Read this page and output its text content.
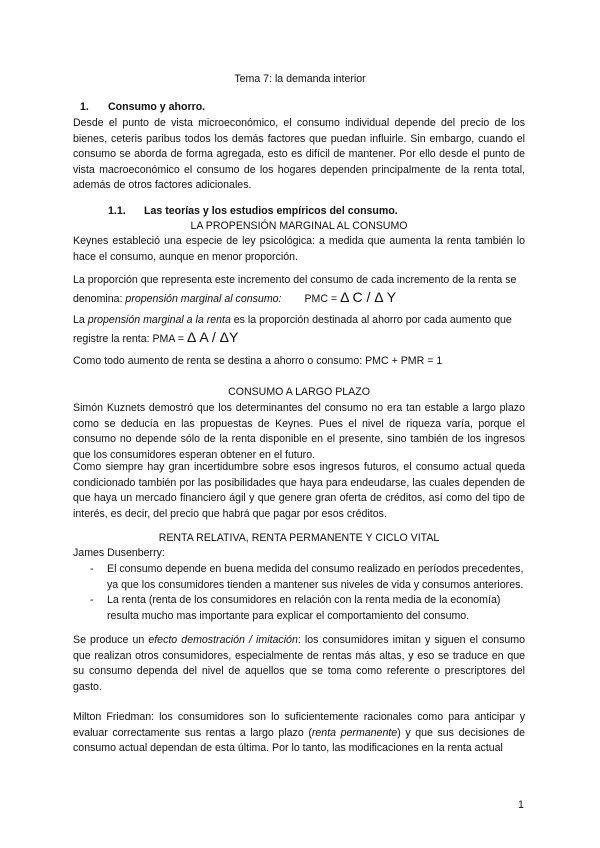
Tema 7: la demanda interior

1. Consumo y ahorro.

Desde el punto de vista microeconómico, el consumo individual depende del precio de los bienes, ceteris paribus todos los demás factores que puedan influirle. Sin embargo, cuando el consumo se aborda de forma agregada, esto es difícil de mantener. Por ello desde el punto de vista macroeconómico el consumo de los hogares dependen principalmente de la renta total, además de otros factores adicionales.

1.1. Las teorías y los estudios empíricos del consumo.

LA PROPENSIÓN MARGINAL AL CONSUMO

Keynes estableció una especie de ley psicológica: a medida que aumenta la renta también lo hace el consumo, aunque en menor proporción.

La proporción que representa este incremento del consumo de cada incremento de la renta se denomina: propensión marginal al consumo: PMC = Δ C / Δ Y

La propensión marginal a la renta es la proporción destinada al ahorro por cada aumento que registre la renta: PMA = Δ A / ΔY

Como todo aumento de renta se destina a ahorro o consumo: PMC + PMR = 1

CONSUMO A LARGO PLAZO

Simón Kuznets demostró que los determinantes del consumo no era tan estable a largo plazo como se deducía en las propuestas de Keynes. Pues el nivel de riqueza varía, porque el consumo no depende sólo de la renta disponible en el presente, sino también de los ingresos que los consumidores esperan obtener en el futuro.

Como siempre hay gran incertidumbre sobre esos ingresos futuros, el consumo actual queda condicionado también por las posibilidades que haya para endeudarse, las cuales dependen de que haya un mercado financiero ágil y que genere gran oferta de créditos, así como del tipo de interés, es decir, del precio que habrá que pagar por esos créditos.

RENTA RELATIVA, RENTA PERMANENTE Y CICLO VITAL

James Dusenberry:

- El consumo depende en buena medida del consumo realizado en períodos precedentes, ya que los consumidores tienden a mantener sus niveles de vida y consumos anteriores.
- La renta (renta de los consumidores en relación con la renta media de la economía) resulta mucho mas importante para explicar el comportamiento del consumo.

Se produce un efecto demostración / imitación: los consumidores imitan y siguen el consumo que realizan otros consumidores, especialmente de rentas más altas, y eso se traduce en que su consumo dependa del nivel de aquellos que se toma como referente o prescriptores del gasto.

Milton Friedman: los consumidores son lo suficientemente racionales como para anticipar y evaluar correctamente sus rentas a largo plazo (renta permanente) y que sus decisiones de consumo actual dependan de esta última. Por lo tanto, las modificaciones en la renta actual

1
